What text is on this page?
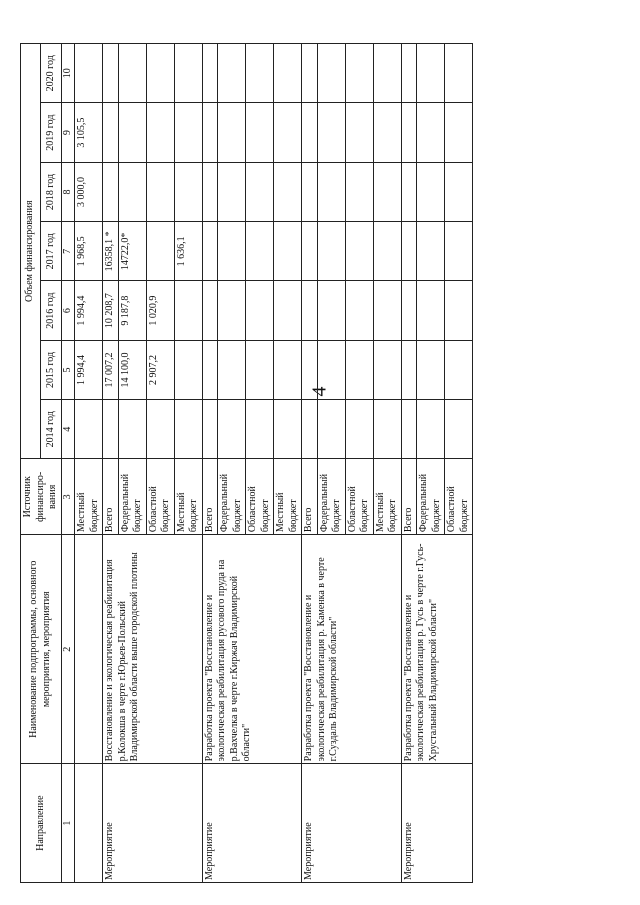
4
Направление	Наименование подпрограммы, основного мероприятия, мероприятия	Источник финансиро-вания	Объем финансирования						
			2014 год	2015 год	2016 год	2017 год	2018 год	2019 год	2020 год
1	2	3	4	5	6	7	8	9	10
		Местный бюджет		1 994,4	1 994,4	1 968,5	3 000,0	3 105,5	
Мероприятие	Восстановление и экологическая реабилитация р.Колокша в черте г.Юрьев-Польский Владимирской области выше городской плотины	Всего		17 007,2	10 208,7	16358,1 *			
		Федеральный бюджет		14 100,0	9 187,8	14722,0*			
		Областной бюджет		2 907,2	1 020,9				
		Местный бюджет				1 636,1			
Мероприятие	Разработка проекта "Восстановление и экологическая реабилитация русового пруда на р.Вахчелка в черте г.Киржач Владимирской области"	Всего							
		Федеральный бюджет							
		Областной бюджет							
		Местный бюджет							
Мероприятие	Разработка проекта "Восстановление и экологическая реабилитация р. Каменка в черте г.Суздаль Владимирской области"	Всего							
		Федеральный бюджет							
		Областной бюджет							
		Местный бюджет							
Мероприятие	Разработка проекта "Восстановление и экологическая реабилитация р. Гусь в черте г.Гусь-Хрустальный Владимирской области"	Всего							
		Федеральный бюджет							
		Областной бюджет							
